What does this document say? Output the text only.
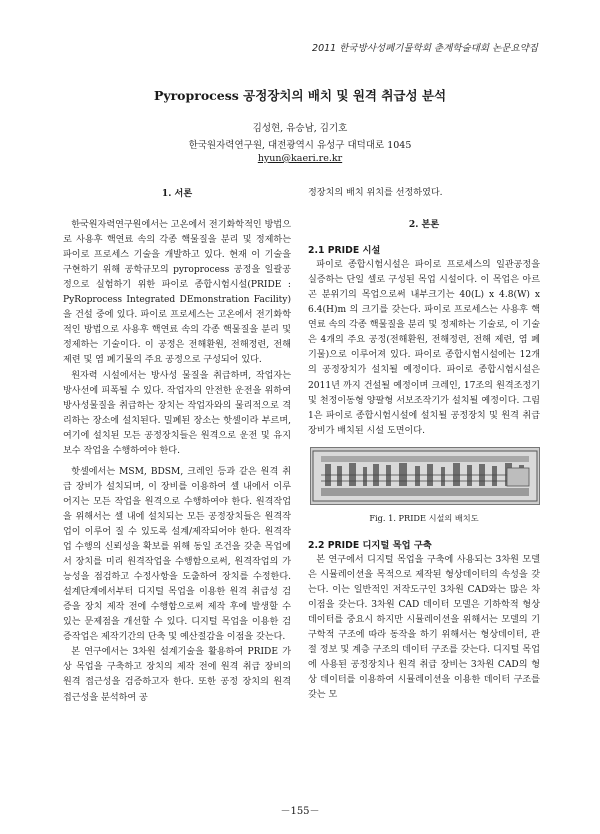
2011 한국방사성폐기물학회 춘계학술대회 논문요약집
Pyroprocess 공정장치의 배치 및 원격 취급성 분석
김성현, 유승남, 김기호
한국원자력연구원, 대전광역시 유성구 대덕대로 1045
hyun@kaeri.re.kr
1. 서론

한국원자력연구원에서는 고온에서 전기화학적인 방법으로 사용후 핵연료 속의 각종 핵물질을 분리 및 정제하는 파이로 프로세스 기술을 개발하고 있다. 현재 이 기술을 구현하기 위해 공학규모의 pyroprocess 공정을 일괄공정으로 실험하기 위한 파이로 종합시험시설(PRIDE : PyRoprocess Integrated DEmonstration Facility)을 건설 중에 있다. 파이로 프로세스는 고온에서 전기화학적인 방법으로 사용후 핵연료 속의 각종 핵물질을 분리 및 정제하는 기술이다. 이 공정은 전해환원, 전해정련, 전해제련 및 염 폐기물의 주요 공정으로 구성되어 있다.

원자력 시설에서는 방사성 물질을 취급하며, 작업자는 방사선에 피폭될 수 있다. 작업자의 안전한 운전을 위하여 방사성물질을 취급하는 장치는 작업자와의 물리적으로 격리하는 장소에 설치된다. 밀폐된 장소는 핫셀이라 부르며, 여기에 설치된 모든 공정장치들은 원격으로 운전 및 유지보수 작업을 수행하여야 한다.

핫셀에서는 MSM, BDSM, 크레인 등과 같은 원격 취급 장비가 설치되며, 이 장비를 이용하여 셀 내에서 이루어지는 모든 작업을 원격으로 수행하여야 한다. 원격작업을 위해서는 셀 내에 설치되는 모든 공정장치들은 원격작업이 이루어 질 수 있도록 설계/제작되어야 한다. 원격작업 수행의 신뢰성을 확보를 위해 동일 조건을 갖춘 목업에서 장치를 미리 원격작업을 수행함으로써, 원격작업의 가능성을 점검하고 수정사항을 도출하여 장치를 수정한다. 설계단계에서부터 디지털 목업을 이용한 원격 취급성 검증을 장치 제작 전에 수행함으로써 제작 후에 발생할 수 있는 문제점을 개선할 수 있다. 디지털 목업을 이용한 검증작업은 제작기간의 단축 및 예산절감을 이점을 갖는다.

본 연구에서는 3차원 설계기술을 활용하여 PRIDE 가상 목업을 구축하고 장치의 제작 전에 원격 취급 장비의 원격 접근성을 검증하고자 한다. 또한 공정 장치의 원격 접근성을 분석하여 공

정장치의 배치 위치를 선정하였다.

2. 본론
2.1 PRIDE 시설

파이로 종합시험시설은 파이로 프로세스의 일관공정을 실증하는 단일 셀로 구성된 목업 시설이다. 이 목업은 아르곤 분위기의 목업으로써 내부크기는 40(L) x 4.8(W) x 6.4(H)m 의 크기를 갖는다. 파이로 프로세스는 사용후 핵연료 속의 각종 핵물질을 분리 및 정제하는 기술로, 이 기술은 4개의 주요 공정(전해환원, 전해정련, 전해 제련, 염 폐기물)으로 이루어져 있다. 파이로 종합시험시설에는 12개의 공정장치가 설치될 예정이다. 파이로 종합시험시설은 2011년 까지 건설될 예정이며 크레인, 17조의 원격조정기 및 천정이동형 양팔형 서보조작기가 설치될 예정이다. 그림 1은 파이로 종합시험시설에 설치될 공정장치 및 원격 취급 장비가 배치된 시설 도면이다.

Fig. 1. PRIDE 시설의 배치도
2.2 PRIDE 디지털 목업 구축

본 연구에서 디지털 목업을 구축에 사용되는 3차원 모델은 시뮬레이션을 목적으로 제작된 형상데이터의 속성을 갖는다. 이는 일반적인 저작도구인 3차원 CAD와는 많은 차이점을 갖는다. 3차원 CAD 데이터 모델은 기하학적 형상데이터를 중요시 하지만 시뮬레이션을 위해서는 모델의 기구학적 구조에 따라 동작을 하기 위해서는 형상데이터, 관절 정보 및 계층 구조의 데이터 구조를 갖는다. 디지털 목업에 사용된 공정장치나 원격 취급 장비는 3차원 CAD의 형상 데이터를 이용하여 시뮬레이션을 이용한 데이터 구조를 갖는 모

－155－
